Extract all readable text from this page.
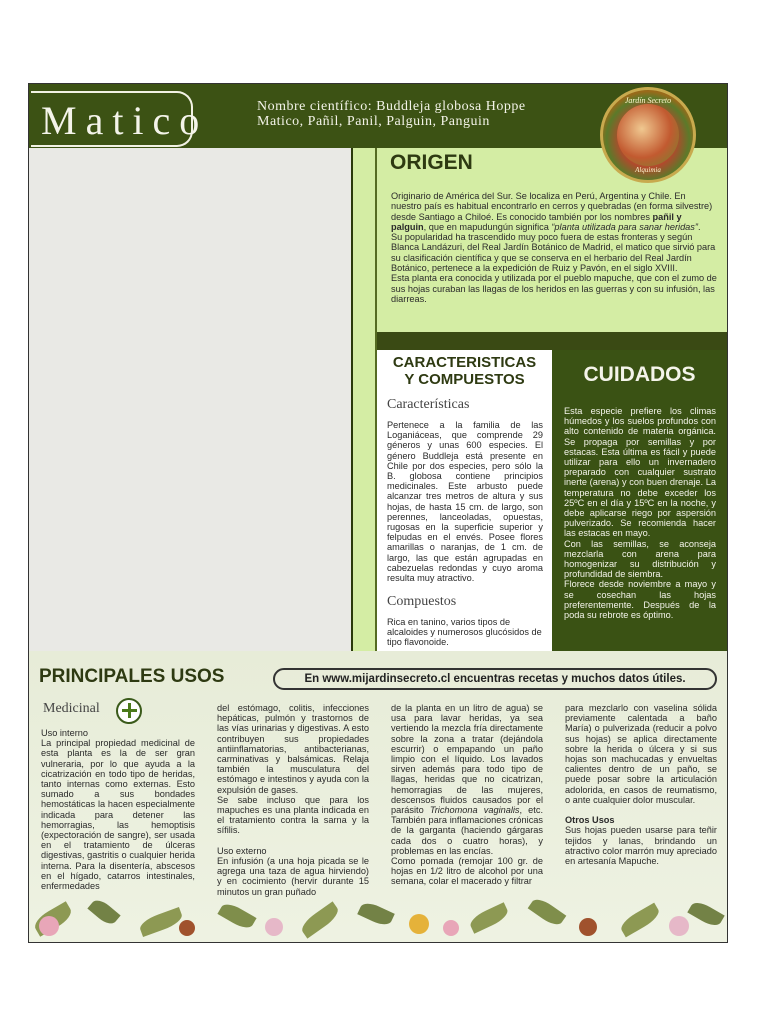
Matico	Nombre científico: Buddleja globosa Hoppe
Matico, Pañil, Panil, Palguin, Panguin
ORIGEN

Originario de América del Sur. Se localiza en Perú, Argentina y Chile. En nuestro país es habitual encontrarlo en cerros y quebradas (en forma silvestre) desde Santiago a Chiloé. Es conocido también por los nombres pañil y palguin, que en mapudungún significa “planta utilizada para sanar heridas”.
Su popularidad ha trascendido muy poco fuera de estas fronteras y según Blanca Landázuri, del Real Jardín Botánico de Madrid, el matico que sirvió para su clasificación científica y que se conserva en el herbario del Real Jardín Botánico, pertenece a la expedición de Ruiz y Pavón, en el siglo XVIII.
Esta planta era conocida y utilizada por el pueblo mapuche, que con el zumo de sus hojas curaban las llagas de los heridos en las guerras y con su infusión, las diarreas.

Jardín Secreto
Alquimia
CARACTERISTICAS
Y COMPUESTOS
Características

Pertenece a la familia de las Loganiáceas, que comprende 29 géneros y unas 600 especies. El género Buddleja está presente en Chile por dos especies, pero sólo la B. globosa contiene principios medicinales. Este arbusto puede alcanzar tres metros de altura y sus hojas, de hasta 15 cm. de largo, son perennes, lanceoladas, opuestas, rugosas en la superficie superior y felpudas en el envés. Posee flores amarillas o naranjas, de 1 cm. de largo, las que están agrupadas en cabezuelas redondas y cuyo aroma resulta muy atractivo.

Compuestos

Rica en tanino, varios tipos de alcaloides y numerosos glucósidos de tipo flavonoide.

CUIDADOS

Esta especie prefiere los climas húmedos y los suelos profundos con alto contenido de materia orgánica. Se propaga por semillas y por estacas. Esta última es fácil y puede utilizar para ello un invernadero preparado con cualquier sustrato inerte (arena) y con buen drenaje. La temperatura no debe exceder los 25ºC en el día y 15ºC en la noche, y debe aplicarse riego por aspersión pulverizado. Se recomienda hacer las estacas en mayo.
Con las semillas, se aconseja mezclarla con arena para homogenizar su distribución y profundidad de siembra.
Florece desde noviembre a mayo y se cosechan las hojas preferentemente. Después de la poda su rebrote es óptimo.

PRINCIPALES USOS	En www.mijardinsecreto.cl encuentras recetas y muchos datos útiles.
Medicinal

Uso interno
La principal propiedad medicinal de esta planta es la de ser gran vulneraria, por lo que ayuda a la cicatrización en todo tipo de heridas, tanto internas como externas. Esto sumado a sus bondades hemostáticas la hacen especialmente indicada para detener las hemorragias, las hemoptisis (expectoración de sangre), ser usada en el tratamiento de úlceras digestivas, gastritis o cualquier herida interna. Para la disentería, abscesos en el hígado, catarros intestinales, enfermedades

del estómago, colitis, infecciones hepáticas, pulmón y trastornos de las vías urinarias y digestivas. A esto contribuyen sus propiedades antiinflamatorias, antibacterianas, carminativas y balsámicas. Relaja también la musculatura del estómago e intestinos y ayuda con la expulsión de gases.
Se sabe incluso que para los mapuches es una planta indicada en el tratamiento contra la sarna y la sífilis.

Uso externo
En infusión (a una hoja picada se le agrega una taza de agua hirviendo) y en cocimiento (hervir durante 15 minutos un gran puñado

de la planta en un litro de agua) se usa para lavar heridas, ya sea vertiendo la mezcla fría directamente sobre la zona a tratar (dejándola escurrir) o empapando un paño limpio con el líquido. Los lavados sirven además para todo tipo de llagas, heridas que no cicatrizan, hemorragias de las mujeres, descensos fluidos causados por el parásito Trichomona vaginalis, etc. También para inflamaciones crónicas de la garganta (haciendo gárgaras cada dos o cuatro horas), y problemas en las encías.
Como pomada (remojar 100 gr. de hojas en 1/2 litro de alcohol por una semana, colar el macerado y filtrar

para mezclarlo con vaselina sólida previamente calentada a baño María) o pulverizada (reducir a polvo sus hojas) se aplica directamente sobre la herida o úlcera y si sus hojas son machucadas y envueltas calientes dentro de un paño, se puede posar sobre la articulación adolorida, en casos de reumatismo, o ante cualquier dolor muscular.

Otros Usos
Sus hojas pueden usarse para teñir tejidos y lanas, brindando un atractivo color marrón muy apreciado en artesanía Mapuche.
